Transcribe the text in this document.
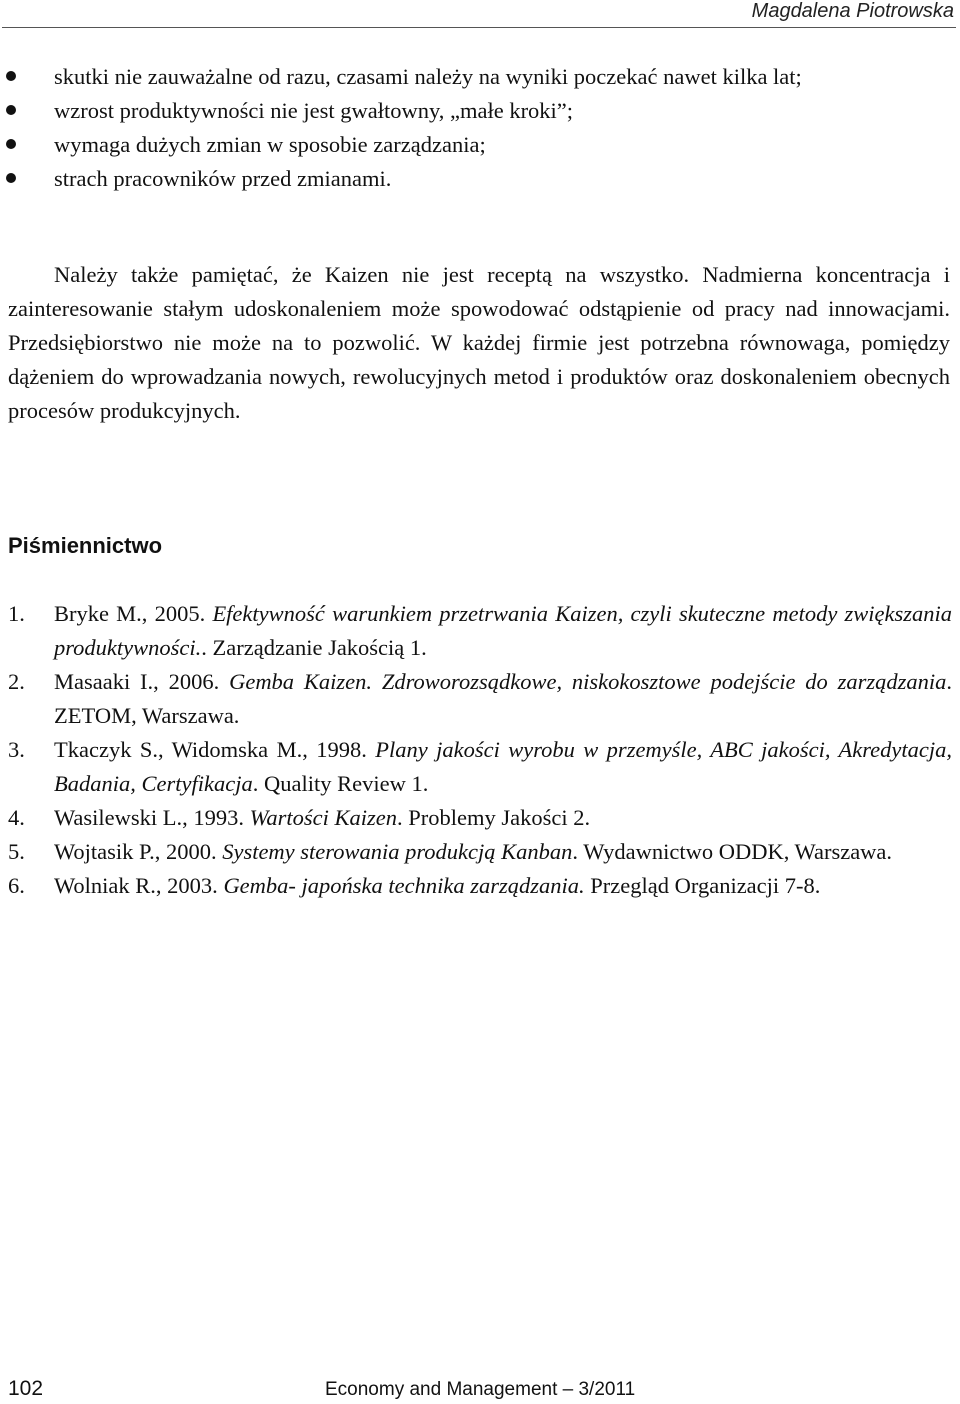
Magdalena Piotrowska
skutki nie zauważalne od razu, czasami należy na wyniki poczekać nawet kilka lat;
wzrost produktywności nie jest gwałtowny, „małe kroki”;
wymaga dużych zmian w sposobie zarządzania;
strach pracowników przed zmianami.

Należy także pamiętać, że Kaizen nie jest receptą na wszystko. Nadmierna koncentracja i zainteresowanie stałym udoskonaleniem może spowodować odstąpienie od pracy nad innowacjami. Przedsiębiorstwo nie może na to pozwolić. W każdej firmie jest potrzebna równowaga, pomiędzy dążeniem do wprowadzania nowych, rewolucyjnych metod i produktów oraz doskonaleniem obecnych procesów produkcyjnych.

Piśmiennictwo
1. Bryke M., 2005. Efektywność warunkiem przetrwania Kaizen, czyli skuteczne metody zwiększania produktywności.. Zarządzanie Jakością 1.
2. Masaaki I., 2006. Gemba Kaizen. Zdroworozsądkowe, niskokosztowe podejście do zarządzania. ZETOM, Warszawa.
3. Tkaczyk S., Widomska M., 1998. Plany jakości wyrobu w przemyśle, ABC jakości, Akredytacja, Badania, Certyfikacja. Quality Review 1.
4. Wasilewski L., 1993. Wartości Kaizen. Problemy Jakości 2.
5. Wojtasik P., 2000. Systemy sterowania produkcją Kanban. Wydawnictwo ODDK, Warszawa.
6. Wolniak R., 2003. Gemba- japońska technika zarządzania. Przegląd Organizacji 7-8.
102	Economy and Management – 3/2011
